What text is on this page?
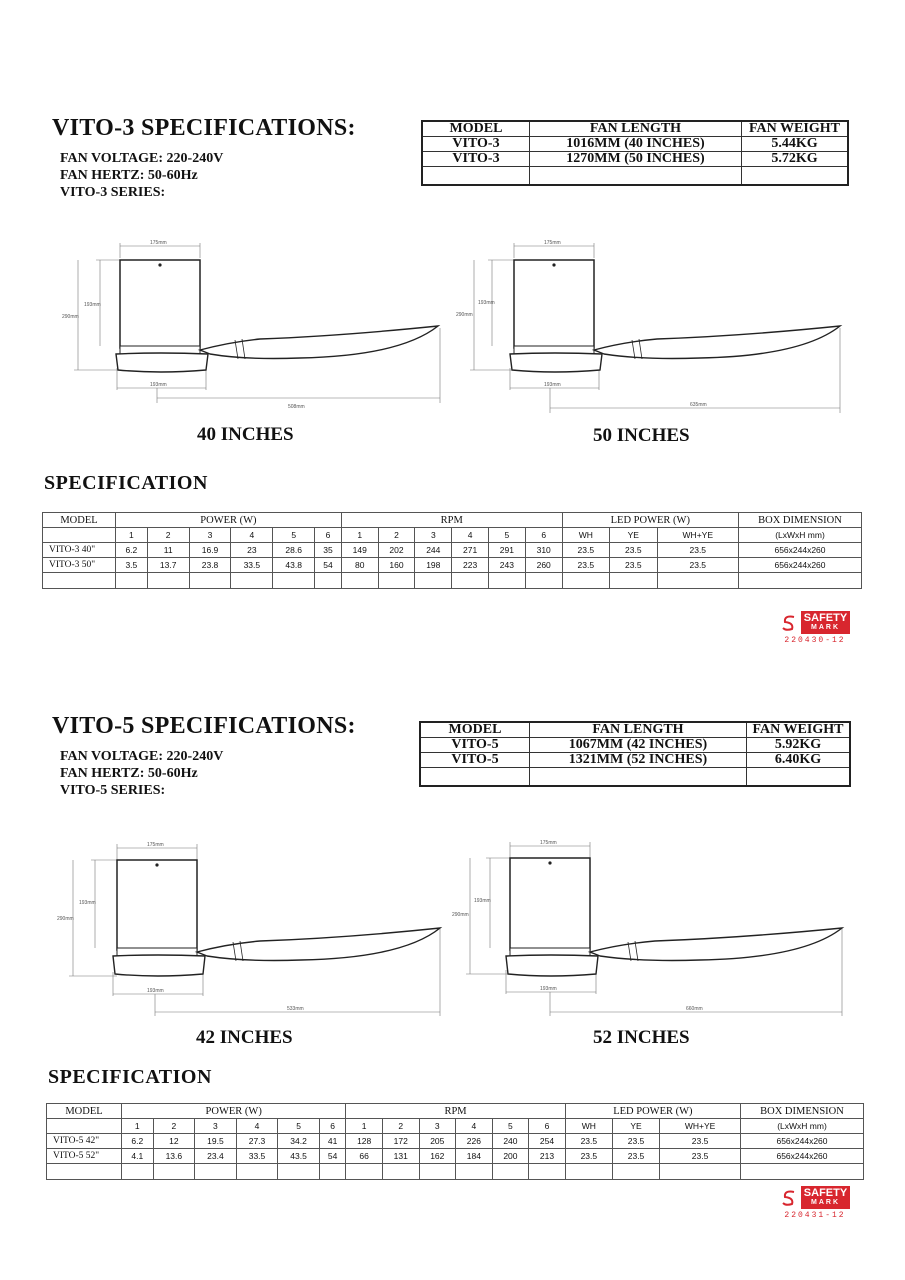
VITO-3 SPECIFICATIONS:
FAN VOLTAGE: 220-240V
FAN HERTZ: 50-60Hz
VITO-3 SERIES:
MODEL	FAN LENGTH	FAN WEIGHT
VITO-3	1016MM (40 INCHES)	5.44KG
VITO-3	1270MM (50 INCHES)	5.72KG

175mm
193mm
290mm
193mm
508mm
40 INCHES
175mm
193mm
290mm
193mm
635mm
50 INCHES
SPECIFICATION
MODEL	POWER (W)						RPM						LED POWER (W)			BOX DIMENSION
	1	2	3	4	5	6	1	2	3	4	5	6	WH	YE	WH+YE	(LxWxH mm)
VITO-3 40"	6.2	11	16.9	23	28.6	35	149	202	244	271	291	310	23.5	23.5	23.5	656x244x260
VITO-3 50"	3.5	13.7	23.8	33.5	43.8	54	80	160	198	223	243	260	23.5	23.5	23.5	656x244x260

SAFETY
MARK
220430-12
VITO-5 SPECIFICATIONS:
FAN VOLTAGE: 220-240V
FAN HERTZ: 50-60Hz
VITO-5 SERIES:
MODEL	FAN LENGTH	FAN WEIGHT
VITO-5	1067MM (42 INCHES)	5.92KG
VITO-5	1321MM (52 INCHES)	6.40KG

175mm
193mm
290mm
193mm
533mm
42 INCHES
175mm
193mm
290mm
193mm
660mm
52 INCHES
SPECIFICATION
MODEL	POWER (W)						RPM						LED POWER (W)			BOX DIMENSION
	1	2	3	4	5	6	1	2	3	4	5	6	WH	YE	WH+YE	(LxWxH mm)
VITO-5 42"	6.2	12	19.5	27.3	34.2	41	128	172	205	226	240	254	23.5	23.5	23.5	656x244x260
VITO-5 52"	4.1	13.6	23.4	33.5	43.5	54	66	131	162	184	200	213	23.5	23.5	23.5	656x244x260

SAFETY
MARK
220431-12
